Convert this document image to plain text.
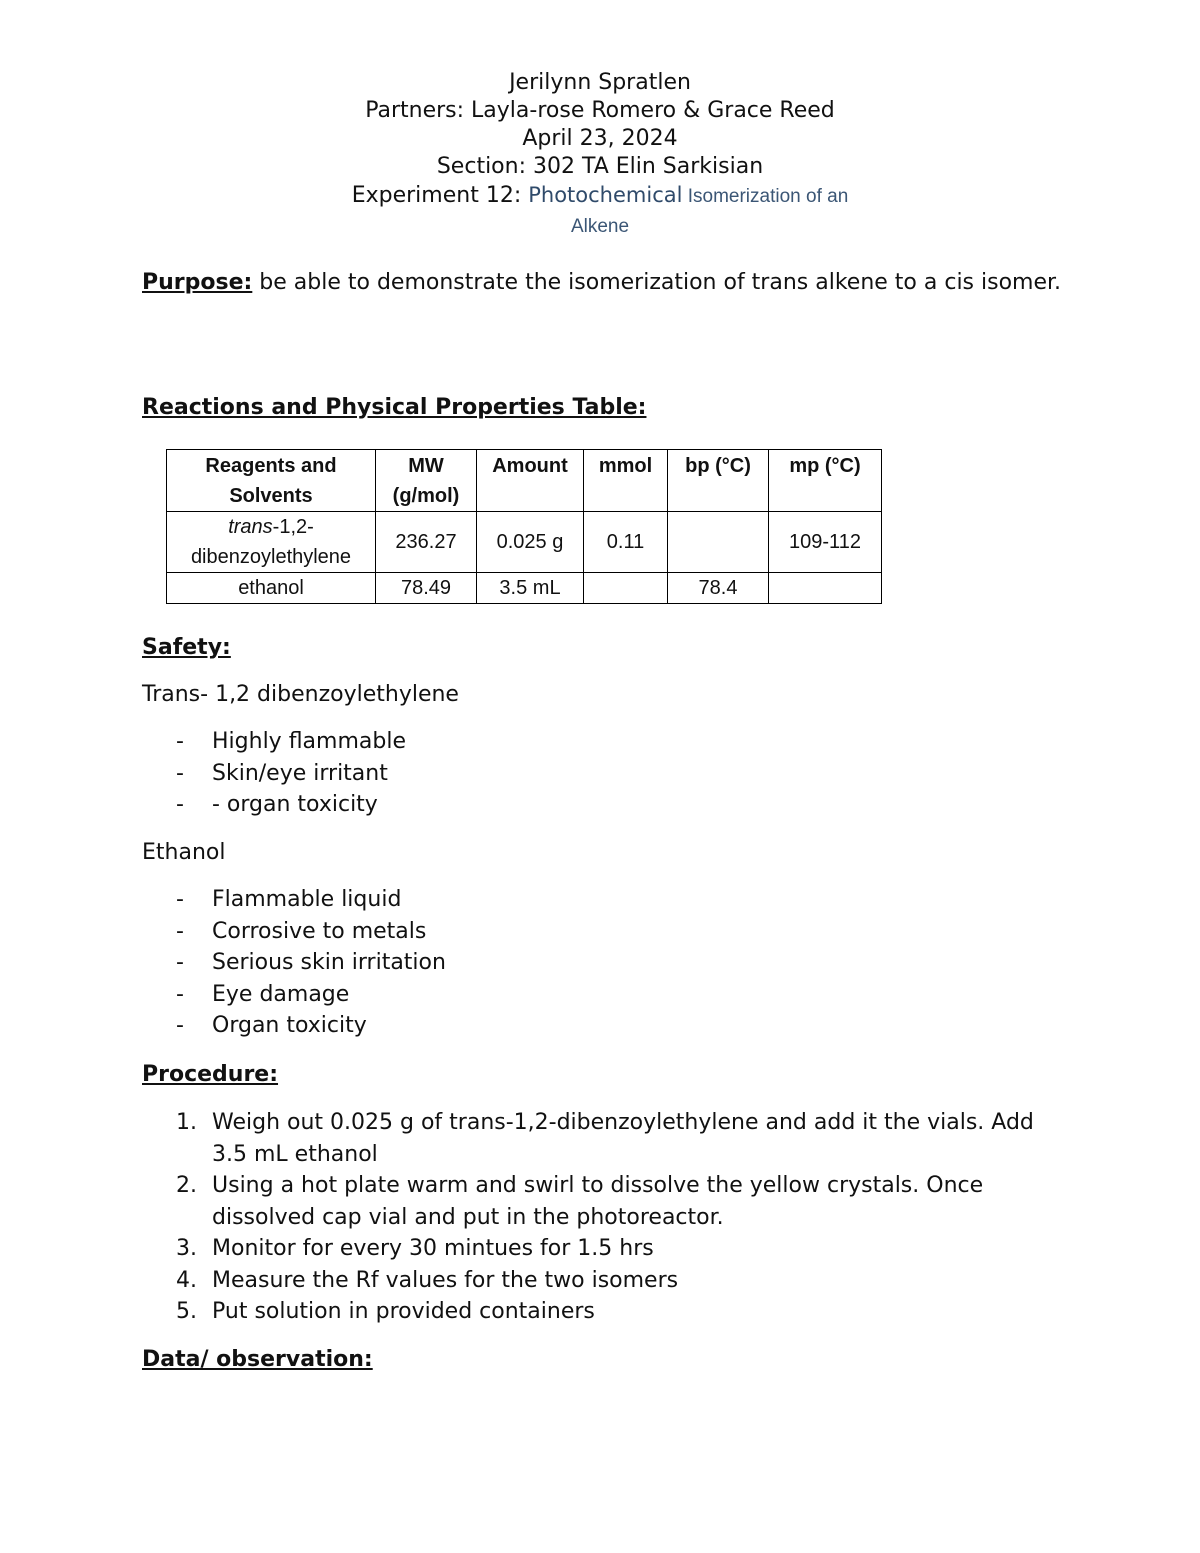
Jerilynn Spratlen
Partners: Layla-rose Romero & Grace Reed
April 23, 2024
Section: 302 TA Elin Sarkisian
Experiment 12: Photochemical Isomerization of an
Alkene
Purpose: be able to demonstrate the isomerization of trans alkene to a cis isomer.
Reactions and Physical Properties Table:
Reagents and Solvents	MW (g/mol)	Amount	mmol	bp (°C)	mp (°C)
trans-1,2-dibenzoylethylene	236.27	0.025 g	0.11		109-112
ethanol	78.49	3.5 mL		78.4	
Safety:
Trans- 1,2 dibenzoylethylene
- Highly flammable
- Skin/eye irritant
- - organ toxicity
Ethanol
- Flammable liquid
- Corrosive to metals
- Serious skin irritation
- Eye damage
- Organ toxicity
Procedure:
1. Weigh out 0.025 g of trans-1,2-dibenzoylethylene and add it the vials. Add 3.5 mL ethanol
2. Using a hot plate warm and swirl to dissolve the yellow crystals. Once dissolved cap vial and put in the photoreactor.
3. Monitor for every 30 mintues for 1.5 hrs
4. Measure the Rf values for the two isomers
5. Put solution in provided containers
Data/ observation:
